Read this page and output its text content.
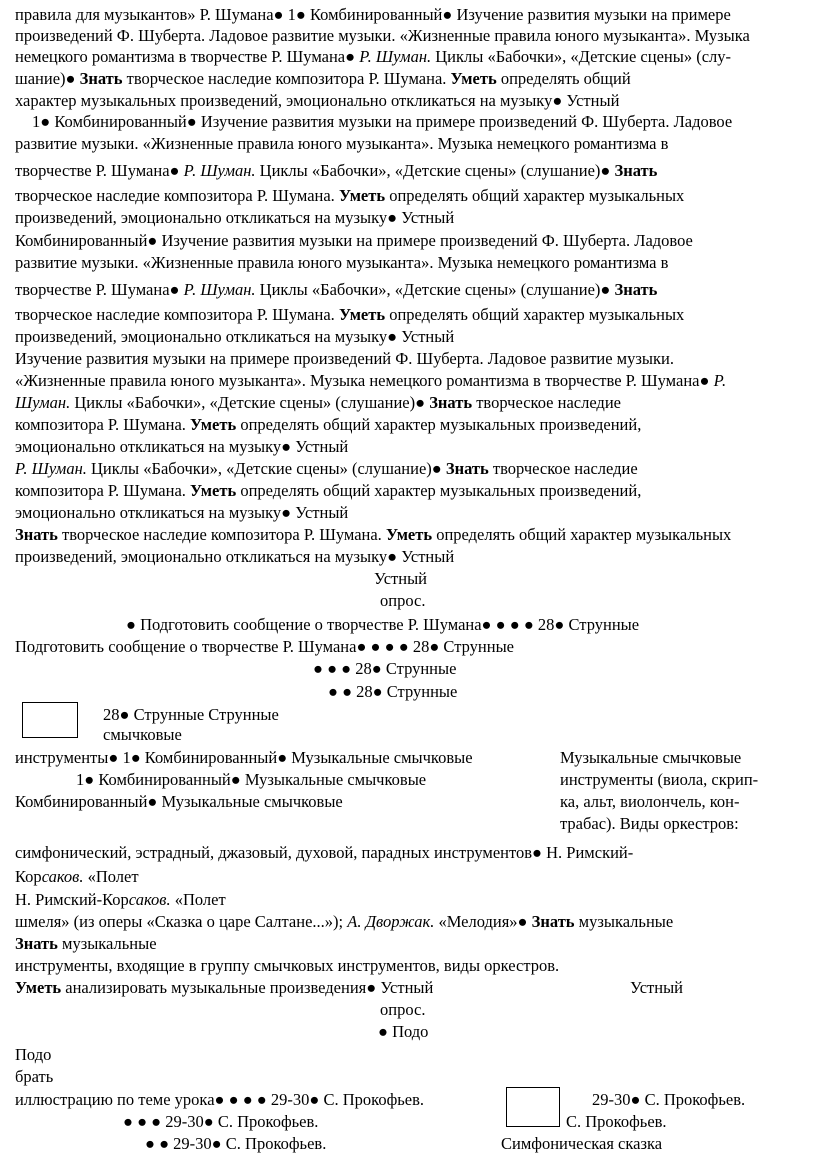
правила для музыкантов» Р. Шумана● 1● Комбинированный● Изучение развития музыки на примере
произведений Ф. Шуберта. Ладовое развитие музыки. «Жизненные правила юного музыканта». Музыка
немецкого романтизма в творчестве Р. Шумана● Р. Шуман. Циклы «Бабочки», «Детские сцены» (слу-
шание)● Знать творческое наследие композитора Р. Шумана. Уметь определять общий
характер музыкальных произведений, эмоционально откликаться на музыку● Устный
1● Комбинированный● Изучение развития музыки на примере произведений Ф. Шуберта. Ладовое
развитие музыки. «Жизненные правила юного музыканта». Музыка немецкого романтизма в
творчестве Р. Шумана● Р. Шуман. Циклы «Бабочки», «Детские сцены» (слушание)● Знать
творческое наследие композитора Р. Шумана. Уметь определять общий характер музыкальных
произведений, эмоционально откликаться на музыку● Устный
Комбинированный● Изучение развития музыки на примере произведений Ф. Шуберта. Ладовое
развитие музыки. «Жизненные правила юного музыканта». Музыка немецкого романтизма в
творчестве Р. Шумана● Р. Шуман. Циклы «Бабочки», «Детские сцены» (слушание)● Знать
творческое наследие композитора Р. Шумана. Уметь определять общий характер музыкальных
произведений, эмоционально откликаться на музыку● Устный
Изучение развития музыки на примере произведений Ф. Шуберта. Ладовое развитие музыки.
«Жизненные правила юного музыканта». Музыка немецкого романтизма в творчестве Р. Шумана● Р.
Шуман. Циклы «Бабочки», «Детские сцены» (слушание)● Знать творческое наследие
композитора Р. Шумана. Уметь определять общий характер музыкальных произведений,
эмоционально откликаться на музыку● Устный
Р. Шуман. Циклы «Бабочки», «Детские сцены» (слушание)● Знать творческое наследие
композитора Р. Шумана. Уметь определять общий характер музыкальных произведений,
эмоционально откликаться на музыку● Устный
Знать творческое наследие композитора Р. Шумана. Уметь определять общий характер музыкальных
произведений, эмоционально откликаться на музыку● Устный
Устный
опрос.
● Подготовить сообщение о творчестве Р. Шумана● ● ● ● 28● Струнные
Подготовить сообщение о творчестве Р. Шумана● ● ● ● 28● Струнные
● ● ● 28● Струнные
● ● 28● Струнные
28● Струнные Струнные
смычковые
инструменты● 1● Комбинированный● Музыкальные смычковые
1● Комбинированный● Музыкальные смычковые
Комбинированный● Музыкальные смычковые
Музыкальные смычковые
инструменты (виола, скрип-
ка, альт, виолончель, кон-
трабас). Виды оркестров:
симфонический, эстрадный, джазовый, духовой, парадных инструментов● Н. Римский-
Корсаков. «Полет
Н. Римский-Корсаков. «Полет
шмеля» (из оперы «Сказка о царе Салтане...»); А. Дворжак. «Мелодия»● Знать музыкальные
Знать музыкальные
инструменты, входящие в группу смычковых инструментов, виды оркестров.
Уметь анализировать музыкальные произведения● Устный	Устный
опрос.
● Подо
Подо
брать
иллюстрацию по теме урока● ● ● ● 29-30● С. Прокофьев.	29-30● С. Прокофьев.
● ● ● 29-30● С. Прокофьев.	С. Прокофьев.
● ● 29-30● С. Прокофьев.	Симфоническая сказка
